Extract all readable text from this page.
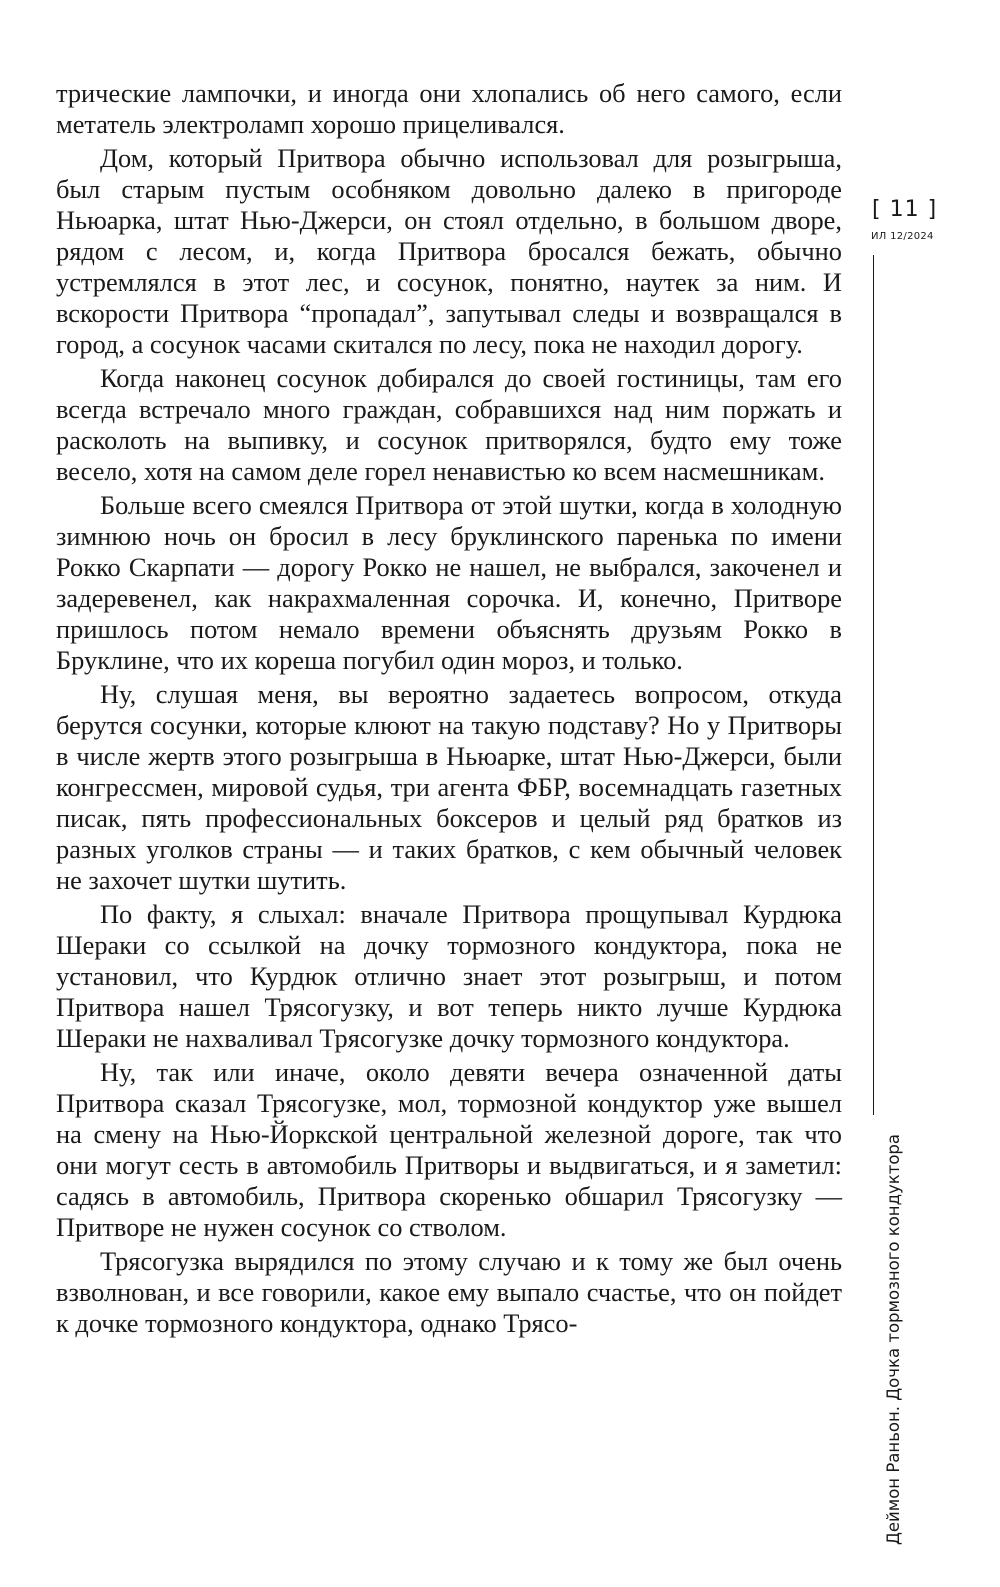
трические лампочки, и иногда они хлопались об него самого, если метатель электроламп хорошо прицеливался.

Дом, который Притвора обычно использовал для розыгрыша, был старым пустым особняком довольно далеко в пригороде Ньюарка, штат Нью-Джерси, он стоял отдельно, в большом дворе, рядом с лесом, и, когда Притвора бросался бежать, обычно устремлялся в этот лес, и сосунок, понятно, наутек за ним. И вскорости Притвора “пропадал”, запутывал следы и возвращался в город, а сосунок часами скитался по лесу, пока не находил дорогу.

Когда наконец сосунок добирался до своей гостиницы, там его всегда встречало много граждан, собравшихся над ним поржать и расколоть на выпивку, и сосунок притворялся, будто ему тоже весело, хотя на самом деле горел ненавистью ко всем насмешникам.

Больше всего смеялся Притвора от этой шутки, когда в холодную зимнюю ночь он бросил в лесу бруклинского паренька по имени Рокко Скарпати — дорогу Рокко не нашел, не выбрался, закоченел и задеревенел, как накрахмаленная сорочка. И, конечно, Притворе пришлось потом немало времени объяснять друзьям Рокко в Бруклине, что их кореша погубил один мороз, и только.

Ну, слушая меня, вы вероятно задаетесь вопросом, откуда берутся сосунки, которые клюют на такую подставу? Но у Притворы в числе жертв этого розыгрыша в Ньюарке, штат Нью-Джерси, были конгрессмен, мировой судья, три агента ФБР, восемнадцать газетных писак, пять профессиональных боксеров и целый ряд братков из разных уголков страны — и таких братков, с кем обычный человек не захочет шутки шутить.

По факту, я слыхал: вначале Притвора прощупывал Курдюка Шераки со ссылкой на дочку тормозного кондуктора, пока не установил, что Курдюк отлично знает этот розыгрыш, и потом Притвора нашел Трясогузку, и вот теперь никто лучше Курдюка Шераки не нахваливал Трясогузке дочку тормозного кондуктора.

Ну, так или иначе, около девяти вечера означенной даты Притвора сказал Трясогузке, мол, тормозной кондуктор уже вышел на смену на Нью-Йоркской центральной железной дороге, так что они могут сесть в автомобиль Притворы и выдвигаться, и я заметил: садясь в автомобиль, Притвора скоренько обшарил Трясогузку — Притворе не нужен сосунок со стволом.

Трясогузка вырядился по этому случаю и к тому же был очень взволнован, и все говорили, какое ему выпало счастье, что он пойдет к дочке тормозного кондуктора, однако Трясо-

[ 11 ]
ИЛ 12/2024
Деймон Раньон. Дочка тормозного кондуктора
